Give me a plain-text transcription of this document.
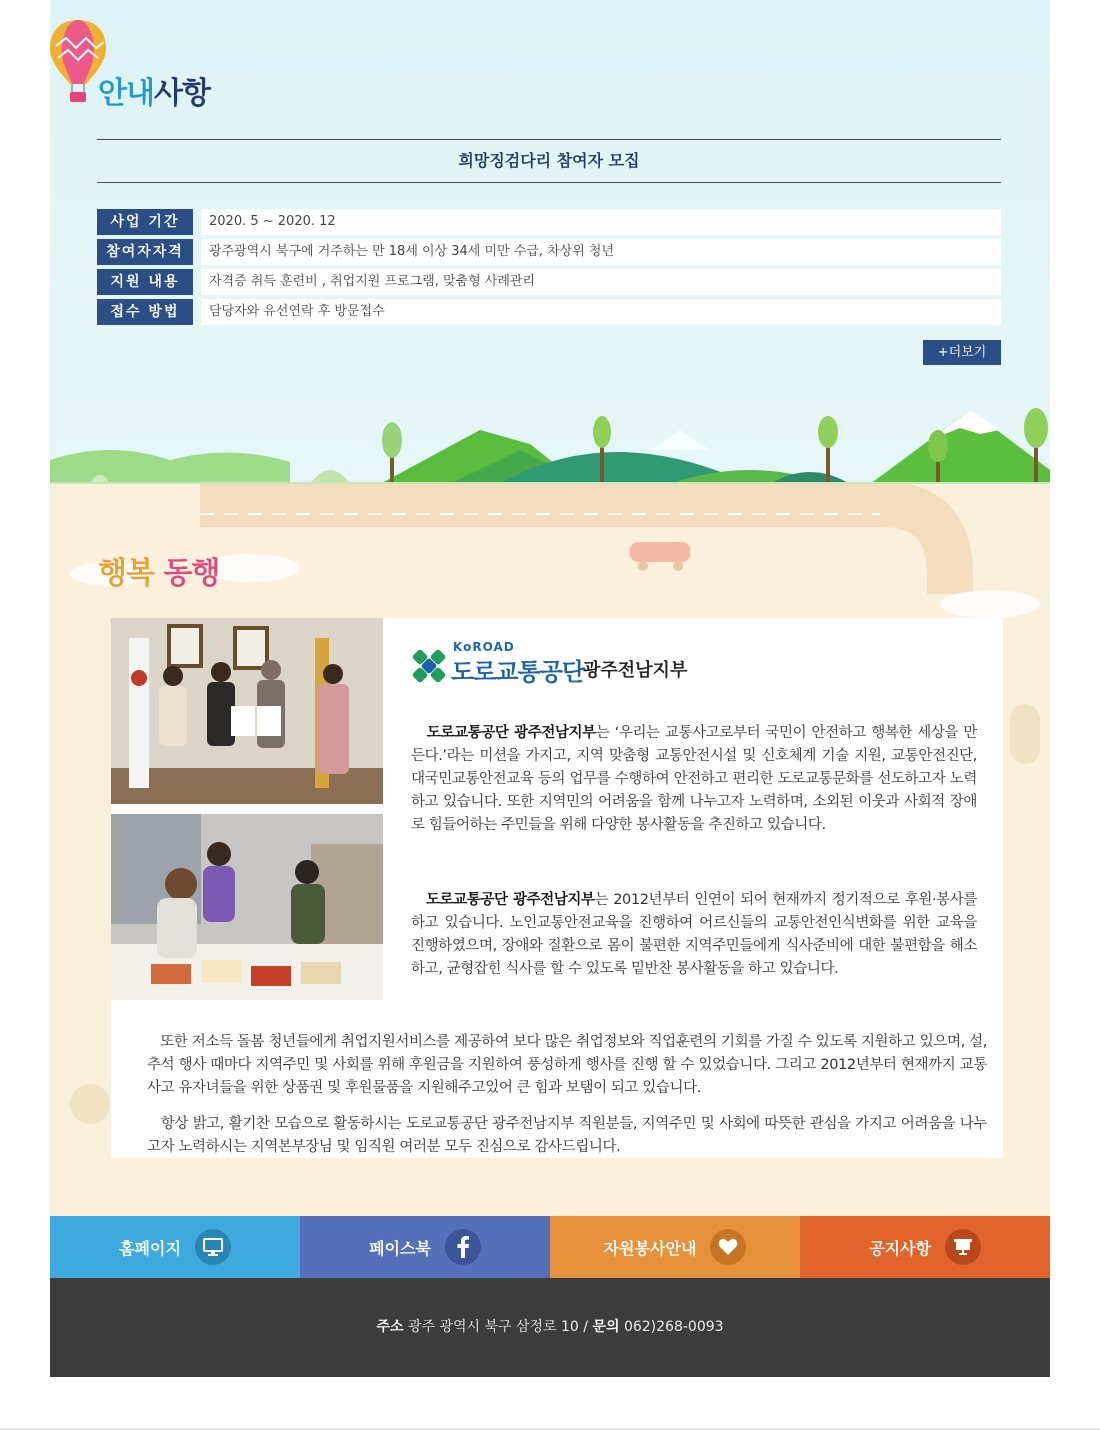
안내사항
희망징검다리 참여자 모집
사업 기간	2020. 5 ~ 2020. 12
참여자자격	광주광역시 북구에 거주하는 만 18세 이상 34세 미만 수급, 차상위 청년
지원 내용	자격증 취득 훈련비 , 취업지원 프로그램, 맞춤형 사례관리
접수 방법	담당자와 유선연락 후 방문접수
+더보기
행복 동행
KoROAD
도로교통공단
광주전남지부

도로교통공단 광주전남지부는 ‘우리는 교통사고로부터 국민이 안전하고 행복한 세상을 만든다.’라는 미션을 가지고, 지역 맞춤형 교통안전시설 및 신호체계 기술 지원, 교통안전진단, 대국민교통안전교육 등의 업무를 수행하여 안전하고 편리한 도로교통문화를 선도하고자 노력하고 있습니다. 또한 지역민의 어려움을 함께 나누고자 노력하며, 소외된 이웃과 사회적 장애로 힘들어하는 주민들을 위해 다양한 봉사활동을 추진하고 있습니다.

도로교통공단 광주전남지부는 2012년부터 인연이 되어 현재까지 정기적으로 후원·봉사를 하고 있습니다. 노인교통안전교육을 진행하여 어르신들의 교통안전인식변화를 위한 교육을 진행하였으며, 장애와 질환으로 몸이 불편한 지역주민들에게 식사준비에 대한 불편함을 해소하고, 균형잡힌 식사를 할 수 있도록 밑반찬 봉사활동을 하고 있습니다.

또한 저소득 돌봄 청년들에게 취업지원서비스를 제공하여 보다 많은 취업정보와 직업훈련의 기회를 가질 수 있도록 지원하고 있으며, 설, 추석 행사 때마다 지역주민 및 사회를 위해 후원금을 지원하여 풍성하게 행사를 진행 할 수 있었습니다. 그리고 2012년부터 현재까지 교통사고 유자녀들을 위한 상품권 및 후원물품을 지원해주고있어 큰 힘과 보탬이 되고 있습니다.

항상 밝고, 활기찬 모습으로 활동하시는 도로교통공단 광주전남지부 직원분들, 지역주민 및 사회에 따뜻한 관심을 가지고 어려움을 나누고자 노력하시는 지역본부장님 및 임직원 여러분 모두 진심으로 감사드립니다.

홈페이지	페이스북	자원봉사안내	공지사항
주소 광주 광역시 북구 삼정로 10 / 문의 062)268-0093
